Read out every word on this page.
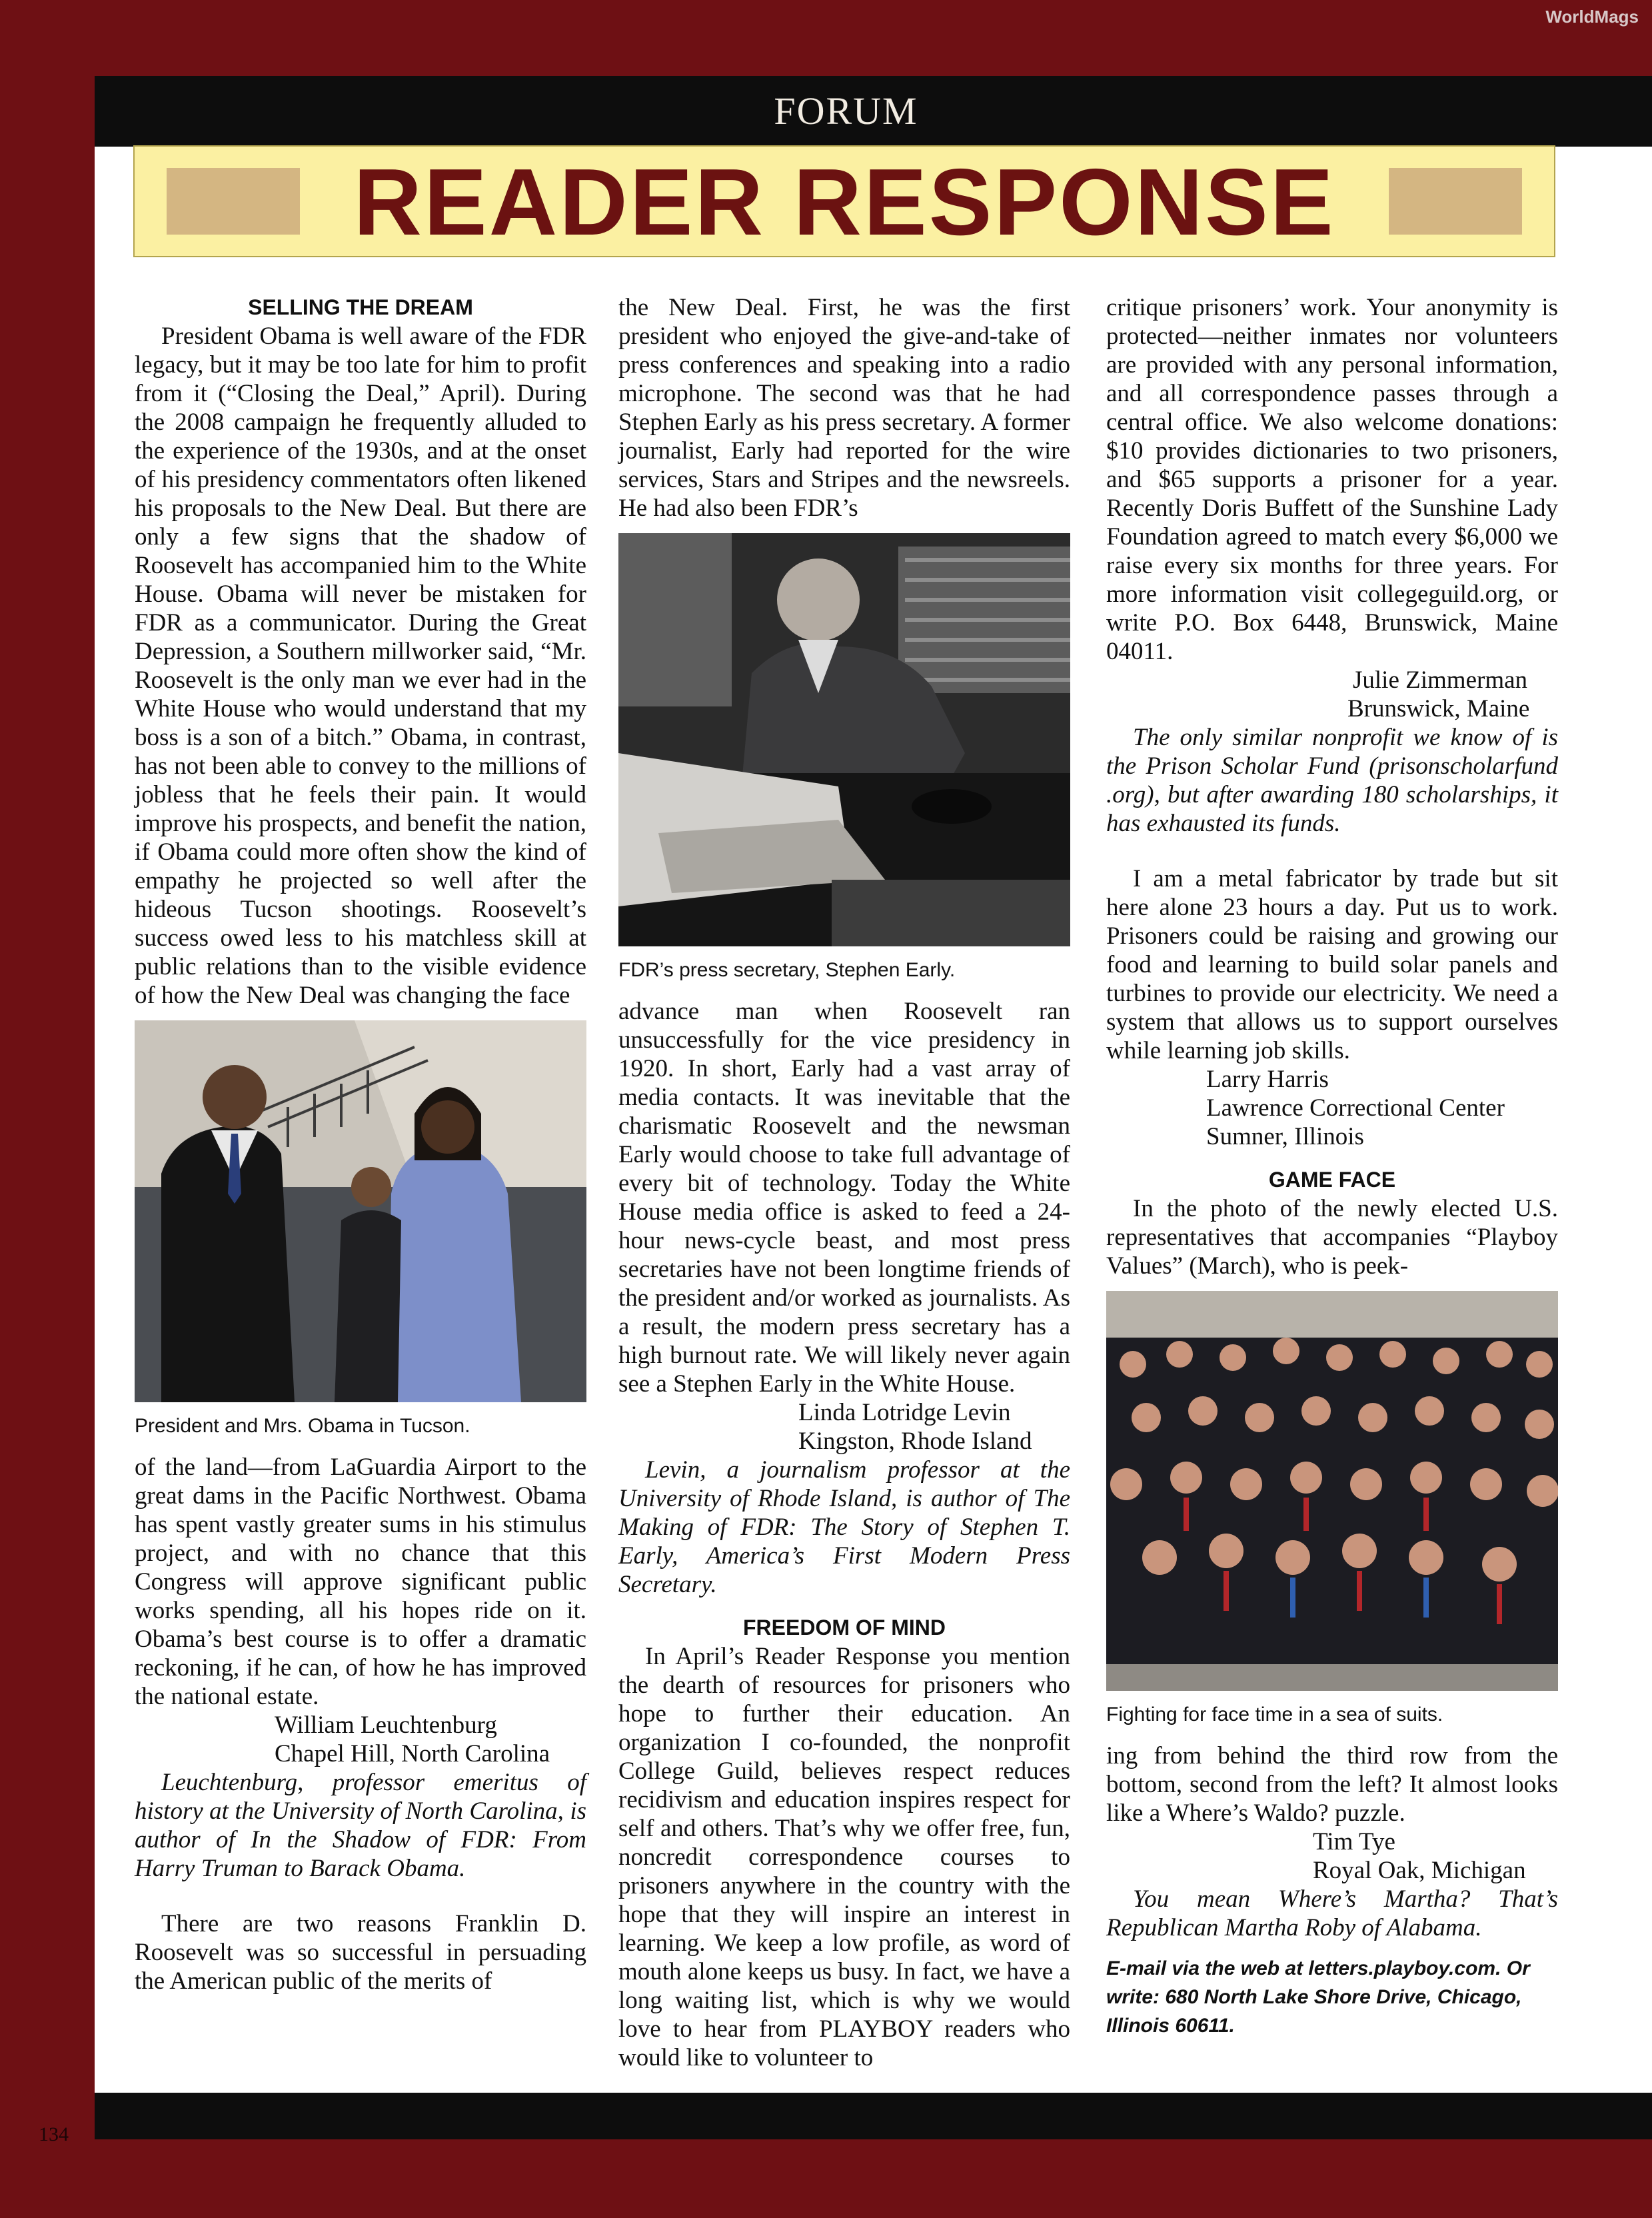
WorldMags
FORUM
134
READER RESPONSE

SELLING THE DREAM

President Obama is well aware of the FDR legacy, but it may be too late for him to profit from it (“Closing the Deal,” April). During the 2008 campaign he frequently alluded to the experience of the 1930s, and at the onset of his presidency commentators often likened his proposals to the New Deal. But there are only a few signs that the shadow of Roosevelt has accompanied him to the White House. Obama will never be mistaken for FDR as a communicator. During the Great Depression, a Southern millworker said, “Mr. Roosevelt is the only man we ever had in the White House who would understand that my boss is a son of a bitch.” Obama, in contrast, has not been able to convey to the millions of jobless that he feels their pain. It would improve his prospects, and benefit the nation, if Obama could more often show the kind of empathy he projected so well after the hideous Tucson shootings. Roosevelt’s success owed less to his matchless skill at public relations than to the visible evidence of how the New Deal was changing the face

President and Mrs. Obama in Tucson.

of the land—from LaGuardia Airport to the great dams in the Pacific Northwest. Obama has spent vastly greater sums in his stimulus project, and with no chance that this Congress will approve significant public works spending, all his hopes ride on it. Obama’s best course is to offer a dramatic reckoning, if he can, of how he has improved the national estate.

William Leuchtenburg

Chapel Hill, North Carolina

Leuchtenburg, professor emeritus of history at the University of North Carolina, is author of In the Shadow of FDR: From Harry Truman to Barack Obama.

There are two reasons Franklin D. Roosevelt was so successful in persuading the American public of the merits of

the New Deal. First, he was the first president who enjoyed the give-and-take of press conferences and speaking into a radio microphone. The second was that he had Stephen Early as his press secretary. A former journalist, Early had reported for the wire services, Stars and Stripes and the newsreels. He had also been FDR’s

FDR’s press secretary, Stephen Early.

advance man when Roosevelt ran unsuccessfully for the vice presidency in 1920. In short, Early had a vast array of media contacts. It was inevitable that the charismatic Roosevelt and the newsman Early would choose to take full advantage of every bit of technology. Today the White House media office is asked to feed a 24-hour news-cycle beast, and most press secretaries have not been longtime friends of the president and/or worked as journalists. As a result, the modern press secretary has a high burnout rate. We will likely never again see a Stephen Early in the White House.

Linda Lotridge Levin

Kingston, Rhode Island

Levin, a journalism professor at the University of Rhode Island, is author of The Making of FDR: The Story of Stephen T. Early, America’s First Modern Press Secretary.

FREEDOM OF MIND

In April’s Reader Response you mention the dearth of resources for prisoners who hope to further their education. An organization I co-founded, the nonprofit College Guild, believes respect reduces recidivism and education inspires respect for self and others. That’s why we offer free, fun, noncredit correspondence courses to prisoners anywhere in the country with the hope that they will inspire an interest in learning. We keep a low profile, as word of mouth alone keeps us busy. In fact, we have a long waiting list, which is why we would love to hear from PLAYBOY readers who would like to volunteer to

critique prisoners’ work. Your anonymity is protected—neither inmates nor volunteers are provided with any personal information, and all correspondence passes through a central office. We also welcome donations: $10 provides dictionaries to two prisoners, and $65 supports a prisoner for a year. Recently Doris Buffett of the Sunshine Lady Foundation agreed to match every $6,000 we raise every six months for three years. For more information visit collegeguild.org, or write P.O. Box 6448, Brunswick, Maine 04011.

Julie Zimmerman

Brunswick, Maine

The only similar nonprofit we know of is the Prison Scholar Fund (prisonscholarfund .org), but after awarding 180 scholarships, it has exhausted its funds.

I am a metal fabricator by trade but sit here alone 23 hours a day. Put us to work. Prisoners could be raising and growing our food and learning to build solar panels and turbines to provide our electricity. We need a system that allows us to support ourselves while learning job skills.

Larry Harris

Lawrence Correctional Center

Sumner, Illinois

GAME FACE

In the photo of the newly elected U.S. representatives that accompanies “Playboy Values” (March), who is peek-

Fighting for face time in a sea of suits.

ing from behind the third row from the bottom, second from the left? It almost looks like a Where’s Waldo? puzzle.

Tim Tye

Royal Oak, Michigan

You mean Where’s Martha? That’s Republican Martha Roby of Alabama.

E-mail via the web at letters.playboy.com. Or write: 680 North Lake Shore Drive, Chicago, Illinois 60611.
